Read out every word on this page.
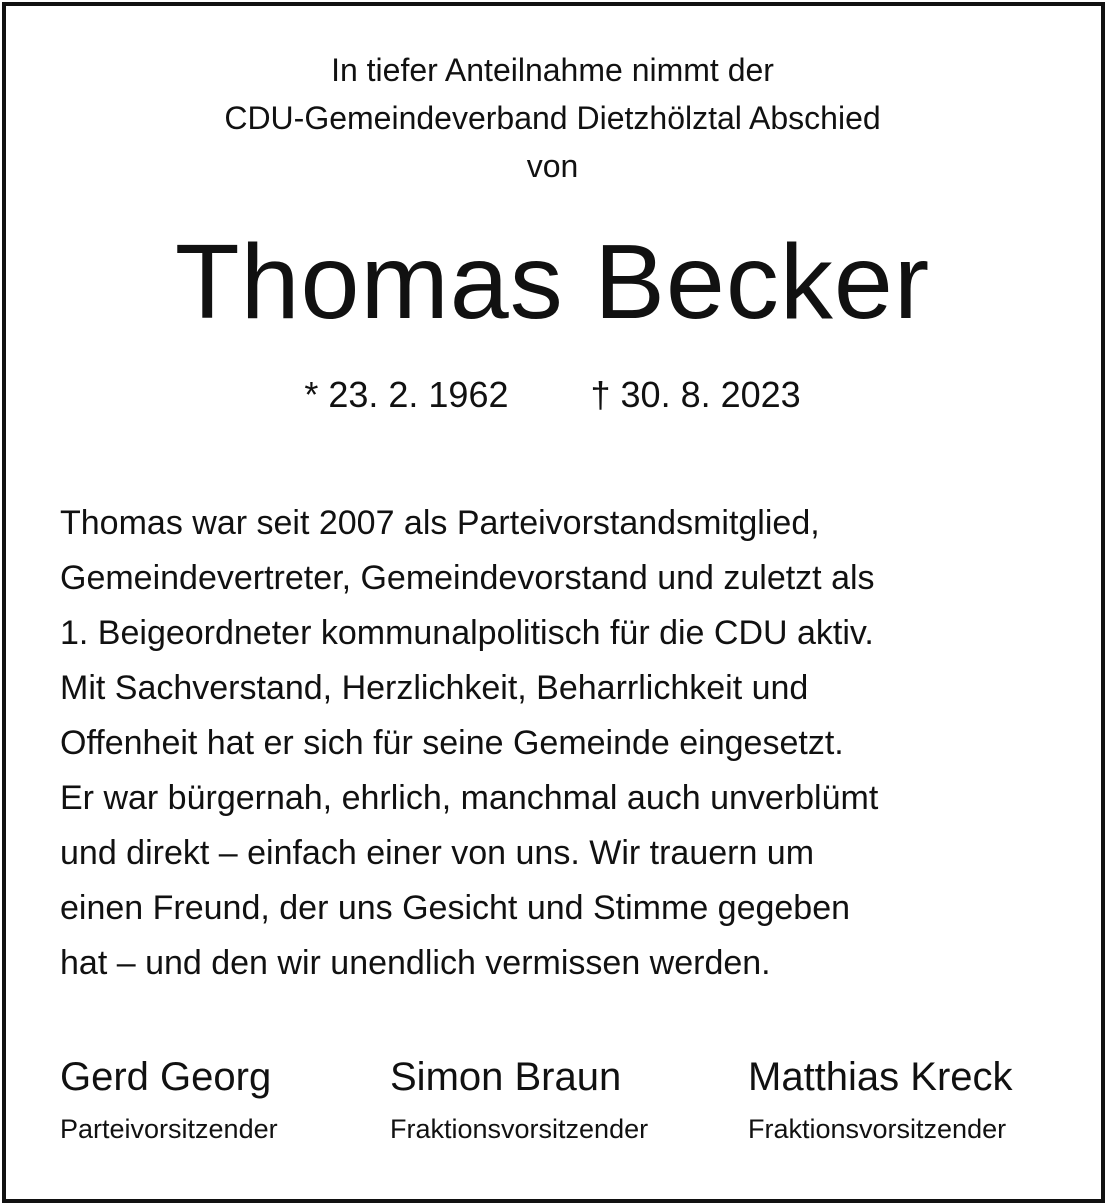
In tiefer Anteilnahme nimmt der
CDU-Gemeindeverband Dietzhölztal Abschied
von
Thomas Becker
* 23. 2. 1962 † 30. 8. 2023
Thomas war seit 2007 als Parteivorstandsmitglied,
Gemeindevertreter, Gemeindevorstand und zuletzt als
1. Beigeordneter kommunalpolitisch für die CDU aktiv.
Mit Sachverstand, Herzlichkeit, Beharrlichkeit und
Offenheit hat er sich für seine Gemeinde eingesetzt.
Er war bürgernah, ehrlich, manchmal auch unverblümt
und direkt – einfach einer von uns. Wir trauern um
einen Freund, der uns Gesicht und Stimme gegeben
hat – und den wir unendlich vermissen werden.
Gerd Georg
Parteivorsitzender
Simon Braun
Fraktionsvorsitzender
Matthias Kreck
Fraktionsvorsitzender
